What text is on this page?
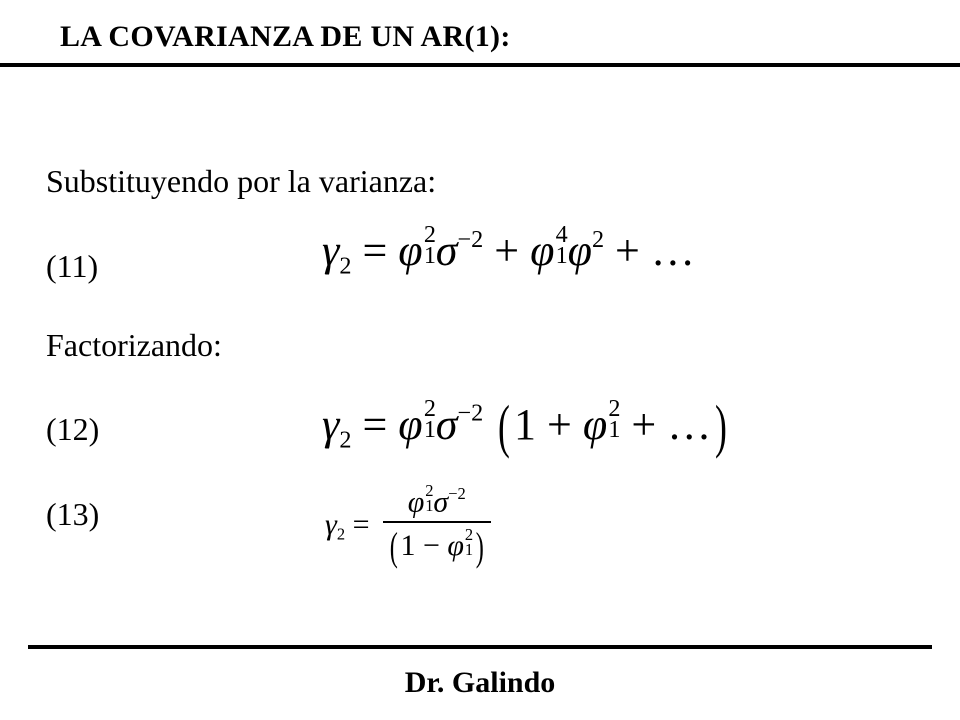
LA COVARIANZA DE UN AR(1):
Substituyendo por la varianza:
(11)
Factorizando:
(12)
(13)
$\gamma_2 = \varphi$ 2
1 $\sigma^{-2} + \varphi$ 4
1 $\varphi^2$ + …
$\gamma_2 = \varphi$ 2
1 $\sigma^{-2}$ (1 + φ 2
1 + …)
$\gamma_2 = \varphi$ 2
1 $\sigma^{-2}$
(1 − φ 2
1 )
Dr. Galindo
